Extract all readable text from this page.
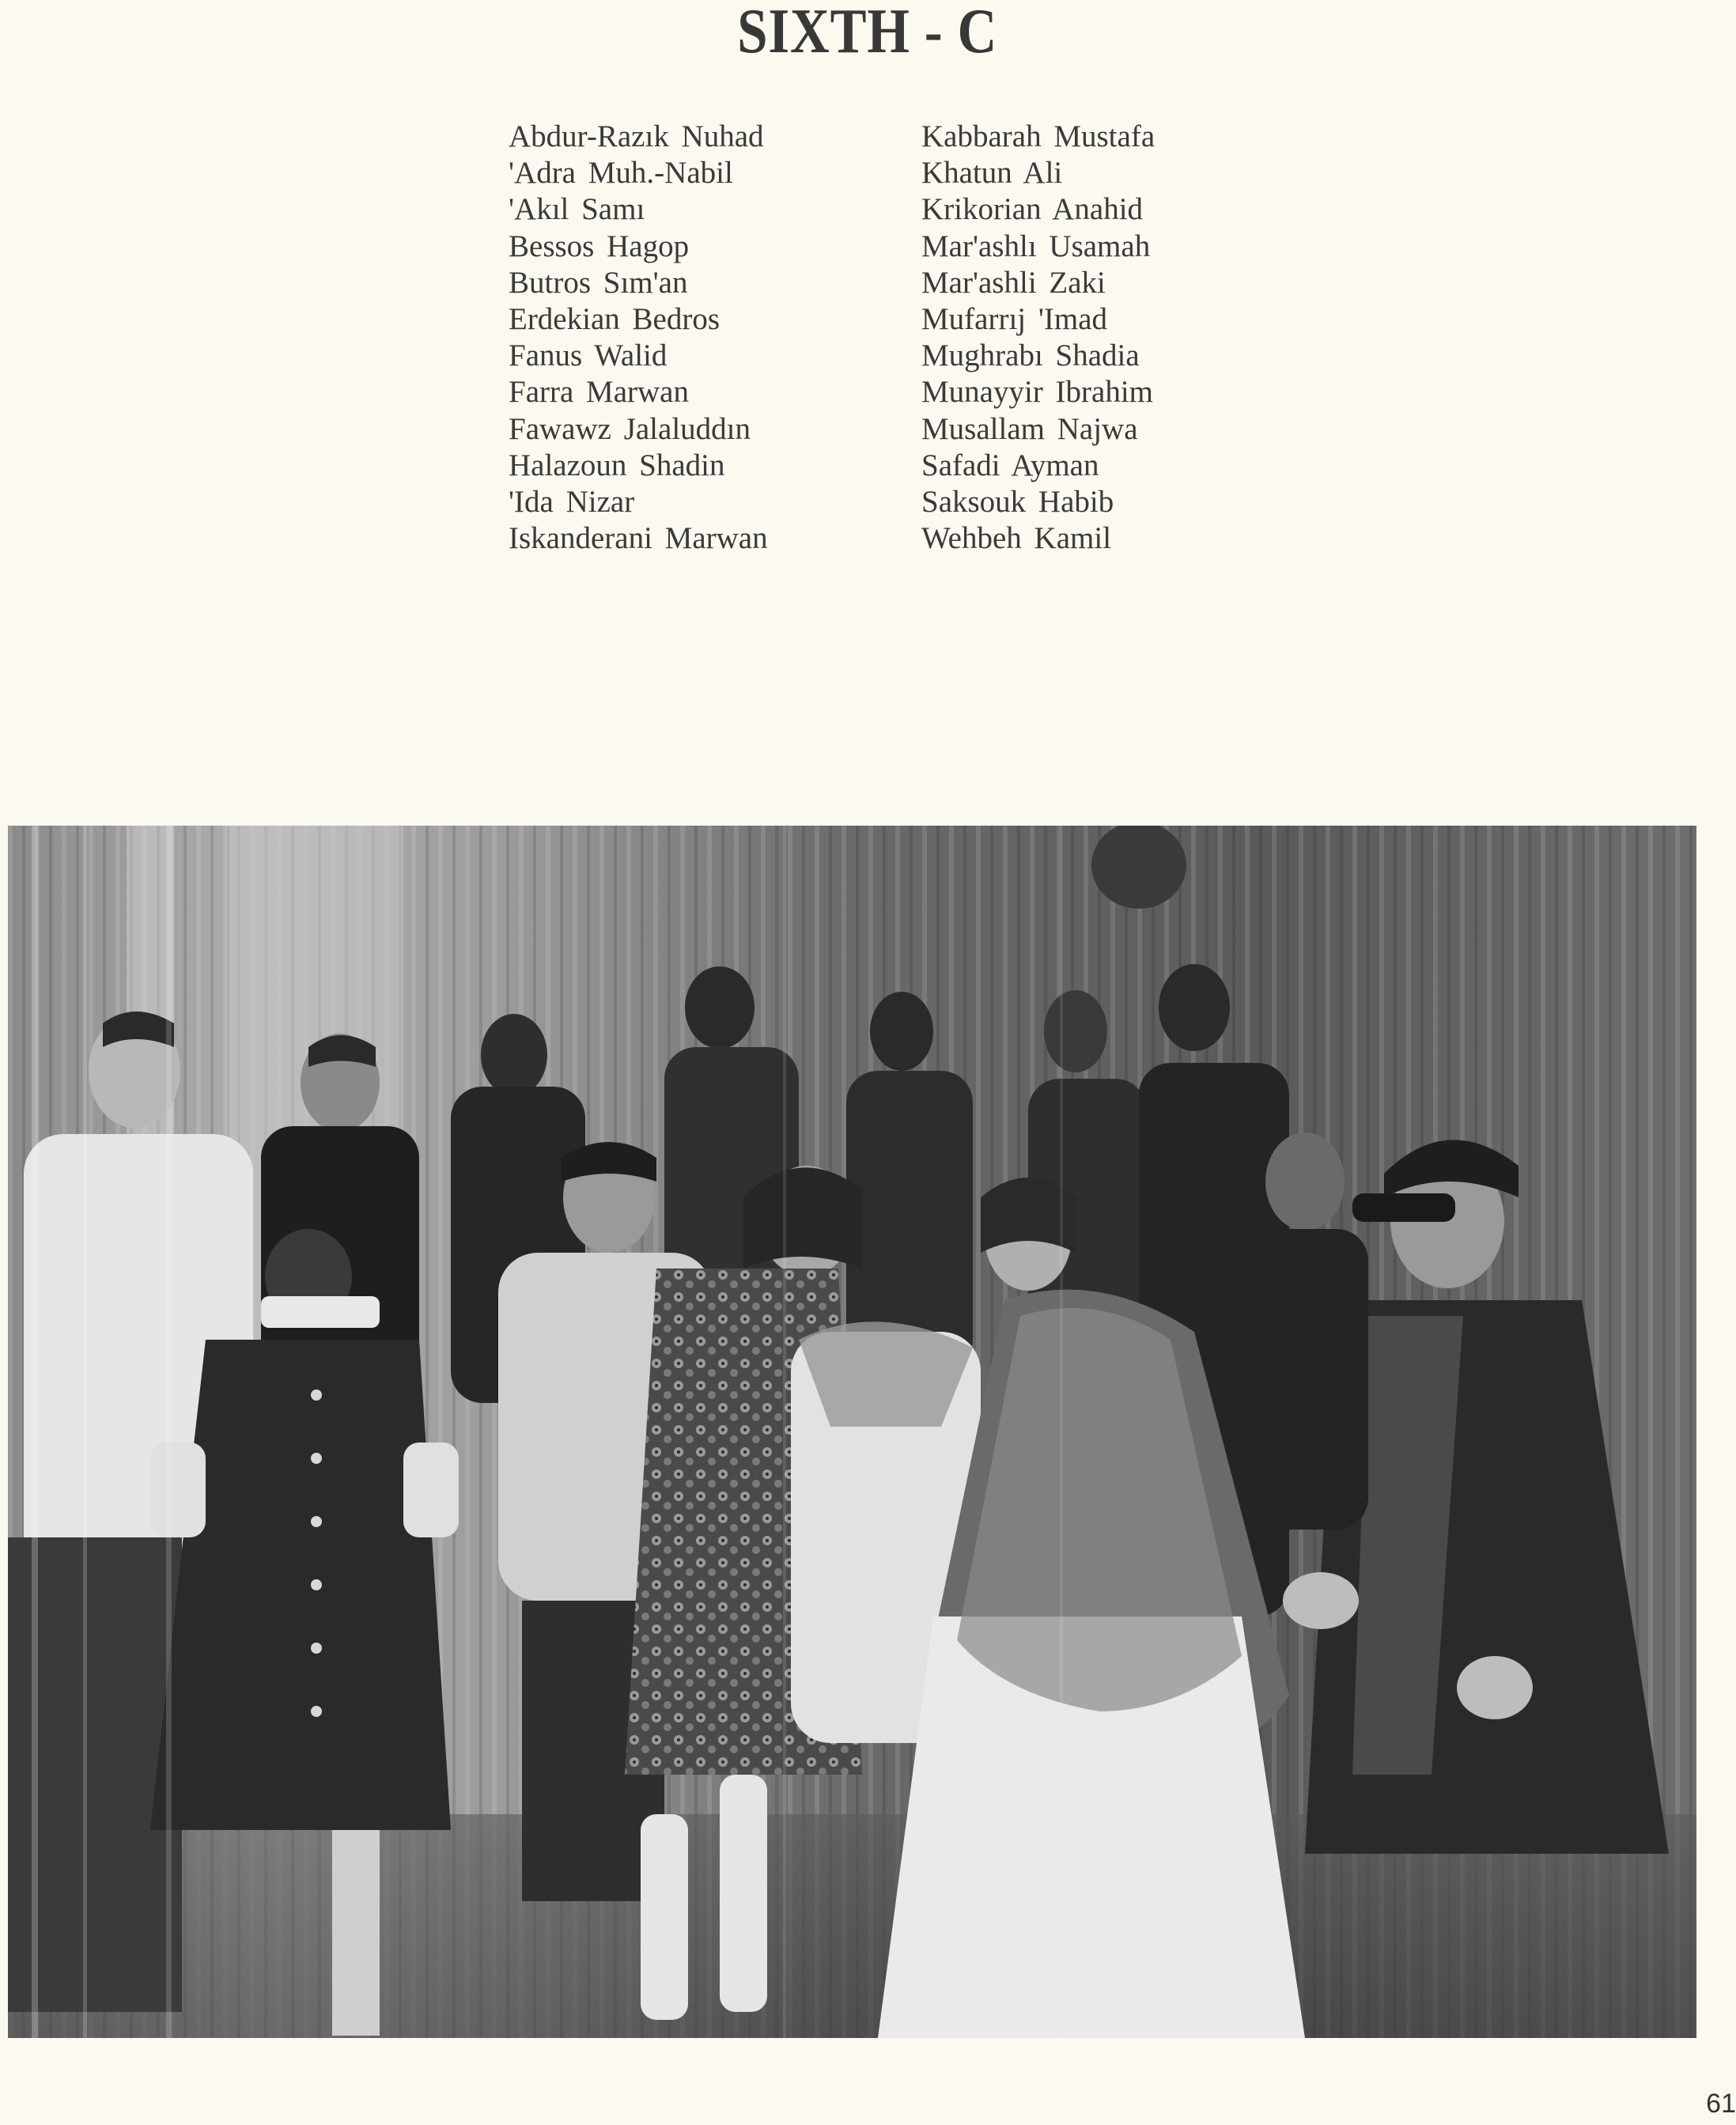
SIXTH - C
Abdur-Razık Nuhad
'Adra Muh.-Nabil
'Akıl Samı
Bessos Hagop
Butros Sım'an
Erdekian Bedros
Fanus Walid
Farra Marwan
Fawawz Jalaluddın
Halazoun Shadin
'Ida Nizar
Iskanderani Marwan
Kabbarah Mustafa
Khatun Ali
Krikorian Anahid
Mar'ashlı Usamah
Mar'ashli Zaki
Mufarrıj 'Imad
Mughrabı Shadia
Munayyir Ibrahim
Musallam Najwa
Safadi Ayman
Saksouk Habib
Wehbeh Kamil
61
